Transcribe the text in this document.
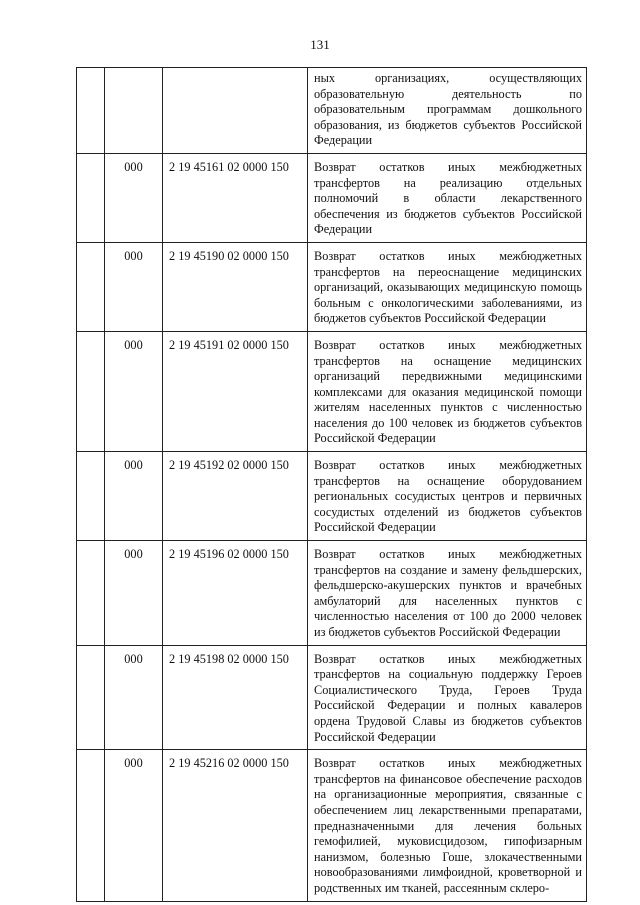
131
			ных организациях, осуществляющих образовательную деятельность по образовательным программам дошкольного образования, из бюджетов субъектов Российской Федерации
	000	2 19 45161 02 0000 150	Возврат остатков иных межбюджетных трансфертов на реализацию отдельных полномочий в области лекарственного обеспечения из бюджетов субъектов Российской Федерации
	000	2 19 45190 02 0000 150	Возврат остатков иных межбюджетных трансфертов на переоснащение медицинских организаций, оказывающих медицинскую помощь больным с онкологическими заболеваниями, из бюджетов субъектов Российской Федерации
	000	2 19 45191 02 0000 150	Возврат остатков иных межбюджетных трансфертов на оснащение медицинских организаций передвижными медицинскими комплексами для оказания медицинской помощи жителям населенных пунктов с численностью населения до 100 человек из бюджетов субъектов Российской Федерации
	000	2 19 45192 02 0000 150	Возврат остатков иных межбюджетных трансфертов на оснащение оборудованием региональных сосудистых центров и первичных сосудистых отделений из бюджетов субъектов Российской Федерации
	000	2 19 45196 02 0000 150	Возврат остатков иных межбюджетных трансфертов на создание и замену фельдшерских, фельдшерско-акушерских пунктов и врачебных амбулаторий для населенных пунктов с численностью населения от 100 до 2000 человек из бюджетов субъектов Российской Федерации
	000	2 19 45198 02 0000 150	Возврат остатков иных межбюджетных трансфертов на социальную поддержку Героев Социалистического Труда, Героев Труда Российской Федерации и полных кавалеров ордена Трудовой Славы из бюджетов субъектов Российской Федерации
	000	2 19 45216 02 0000 150	Возврат остатков иных межбюджетных трансфертов на финансовое обеспечение расходов на организационные мероприятия, связанные с обеспечением лиц лекарственными препаратами, предназначенными для лечения больных гемофилией, муковисцидозом, гипофизарным нанизмом, болезнью Гоше, злокачественными новообразованиями лимфоидной, кроветворной и родственных им тканей, рассеянным склеро-
